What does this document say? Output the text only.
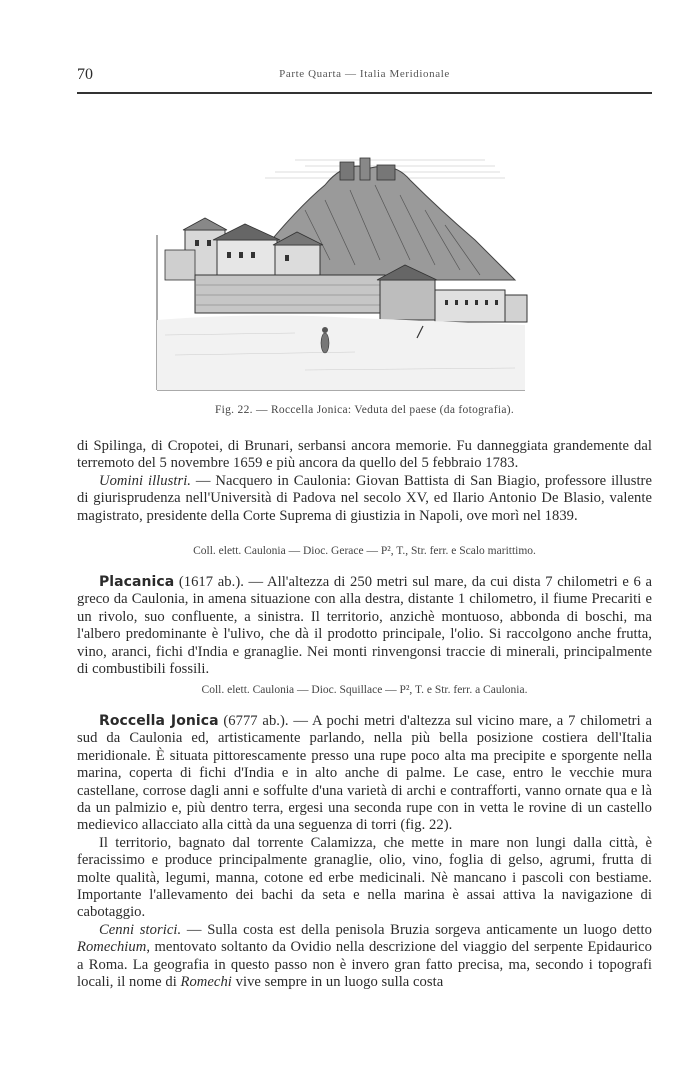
70	Parte Quarta — Italia Meridionale
Fig. 22. — Roccella Jonica: Veduta del paese (da fotografia).

di Spilinga, di Cropotei, di Brunari, serbansi ancora memorie. Fu danneggiata grandemente dal terremoto del 5 novembre 1659 e più ancora da quello del 5 febbraio 1783.

Uomini illustri. — Nacquero in Caulonia: Giovan Battista di San Biagio, professore illustre di giurisprudenza nell'Università di Padova nel secolo XV, ed Ilario Antonio De Blasio, valente magistrato, presidente della Corte Suprema di giustizia in Napoli, ove morì nel 1839.

Coll. elett. Caulonia — Dioc. Gerace — P², T., Str. ferr. e Scalo marittimo.

Placanica (1617 ab.). — All'altezza di 250 metri sul mare, da cui dista 7 chilometri e 6 a greco da Caulonia, in amena situazione con alla destra, distante 1 chilometro, il fiume Precariti e un rivolo, suo confluente, a sinistra. Il territorio, anzichè montuoso, abbonda di boschi, ma l'albero predominante è l'ulivo, che dà il prodotto principale, l'olio. Si raccolgono anche frutta, vino, aranci, fichi d'India e granaglie. Nei monti rinvengonsi traccie di minerali, principalmente di combustibili fossili.

Coll. elett. Caulonia — Dioc. Squillace — P², T. e Str. ferr. a Caulonia.

Roccella Jonica (6777 ab.). — A pochi metri d'altezza sul vicino mare, a 7 chilometri a sud da Caulonia ed, artisticamente parlando, nella più bella posizione costiera dell'Italia meridionale. È situata pittorescamente presso una rupe poco alta ma precipite e sporgente nella marina, coperta di fichi d'India e in alto anche di palme. Le case, entro le vecchie mura castellane, corrose dagli anni e soffulte d'una varietà di archi e contrafforti, vanno ornate qua e là da un palmizio e, più dentro terra, ergesi una seconda rupe con in vetta le rovine di un castello medievico allacciato alla città da una seguenza di torri (fig. 22).

Il territorio, bagnato dal torrente Calamizza, che mette in mare non lungi dalla città, è feracissimo e produce principalmente granaglie, olio, vino, foglia di gelso, agrumi, frutta di molte qualità, legumi, manna, cotone ed erbe medicinali. Nè mancano i pascoli con bestiame. Importante l'allevamento dei bachi da seta e nella marina è assai attiva la navigazione di cabotaggio.

Cenni storici. — Sulla costa est della penisola Bruzia sorgeva anticamente un luogo detto Romechium, mentovato soltanto da Ovidio nella descrizione del viaggio del serpente Epidaurico a Roma. La geografia in questo passo non è invero gran fatto precisa, ma, secondo i topografi locali, il nome di Romechi vive sempre in un luogo sulla costa
